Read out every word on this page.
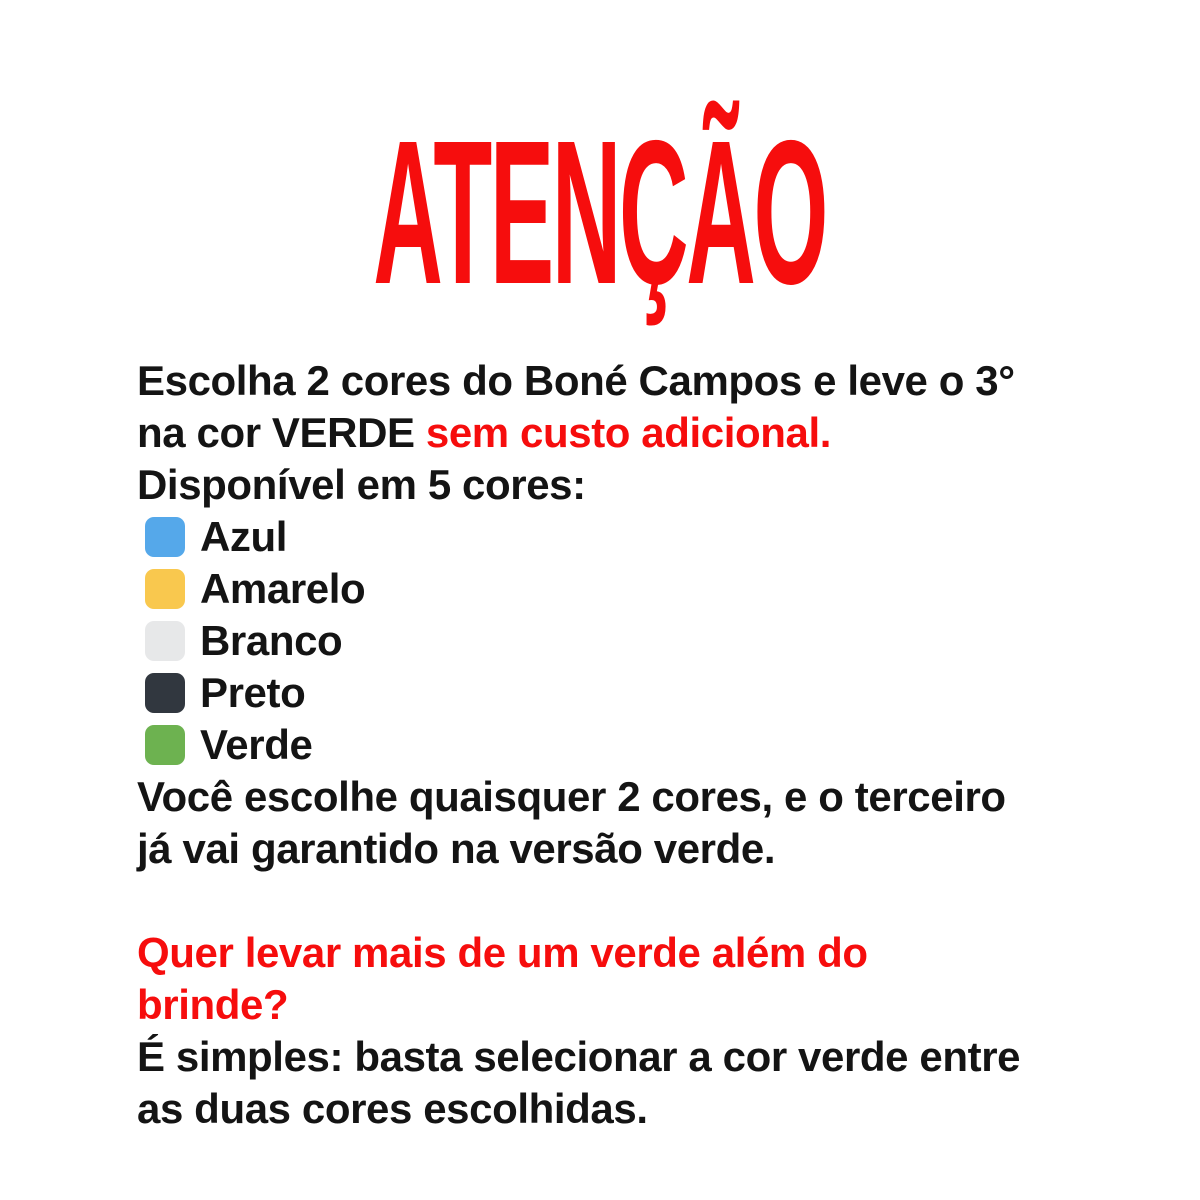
ATENÇÃO

Escolha 2 cores do Boné Campos e leve o 3°
na cor VERDE sem custo adicional.
Disponível em 5 cores:

Azul
Amarelo
Branco
Preto
Verde

Você escolhe quaisquer 2 cores, e o terceiro
já vai garantido na versão verde.

Quer levar mais de um verde além do
brinde?

É simples: basta selecionar a cor verde entre
as duas cores escolhidas.
